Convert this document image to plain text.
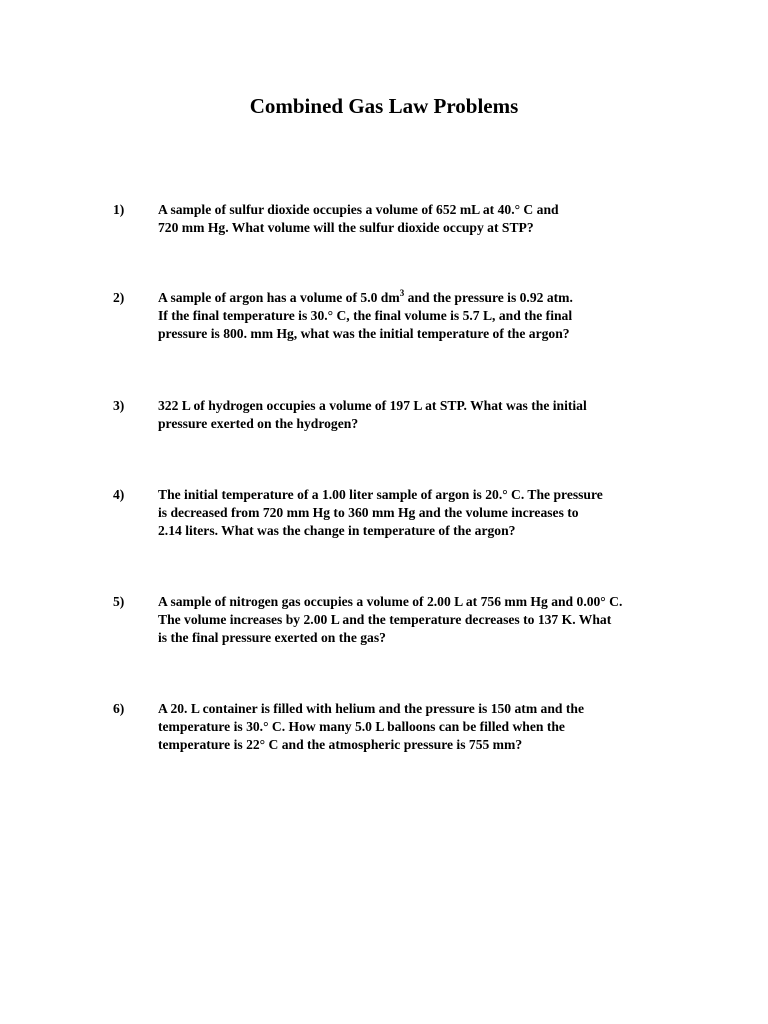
Combined Gas Law Problems
1) A sample of sulfur dioxide occupies a volume of 652 mL at 40.° C and
720 mm Hg. What volume will the sulfur dioxide occupy at STP?
2) A sample of argon has a volume of 5.0 $dm^3$ and the pressure is 0.92 atm.
If the final temperature is 30.° C, the final volume is 5.7 L, and the final
pressure is 800. mm Hg, what was the initial temperature of the argon?
3) 322 L of hydrogen occupies a volume of 197 L at STP. What was the initial
pressure exerted on the hydrogen?
4) The initial temperature of a 1.00 liter sample of argon is 20.° C. The pressure
is decreased from 720 mm Hg to 360 mm Hg and the volume increases to
2.14 liters. What was the change in temperature of the argon?
5) A sample of nitrogen gas occupies a volume of 2.00 L at 756 mm Hg and 0.00° C.
The volume increases by 2.00 L and the temperature decreases to 137 K. What
is the final pressure exerted on the gas?
6) A 20. L container is filled with helium and the pressure is 150 atm and the
temperature is 30.° C. How many 5.0 L balloons can be filled when the
temperature is 22° C and the atmospheric pressure is 755 mm?
